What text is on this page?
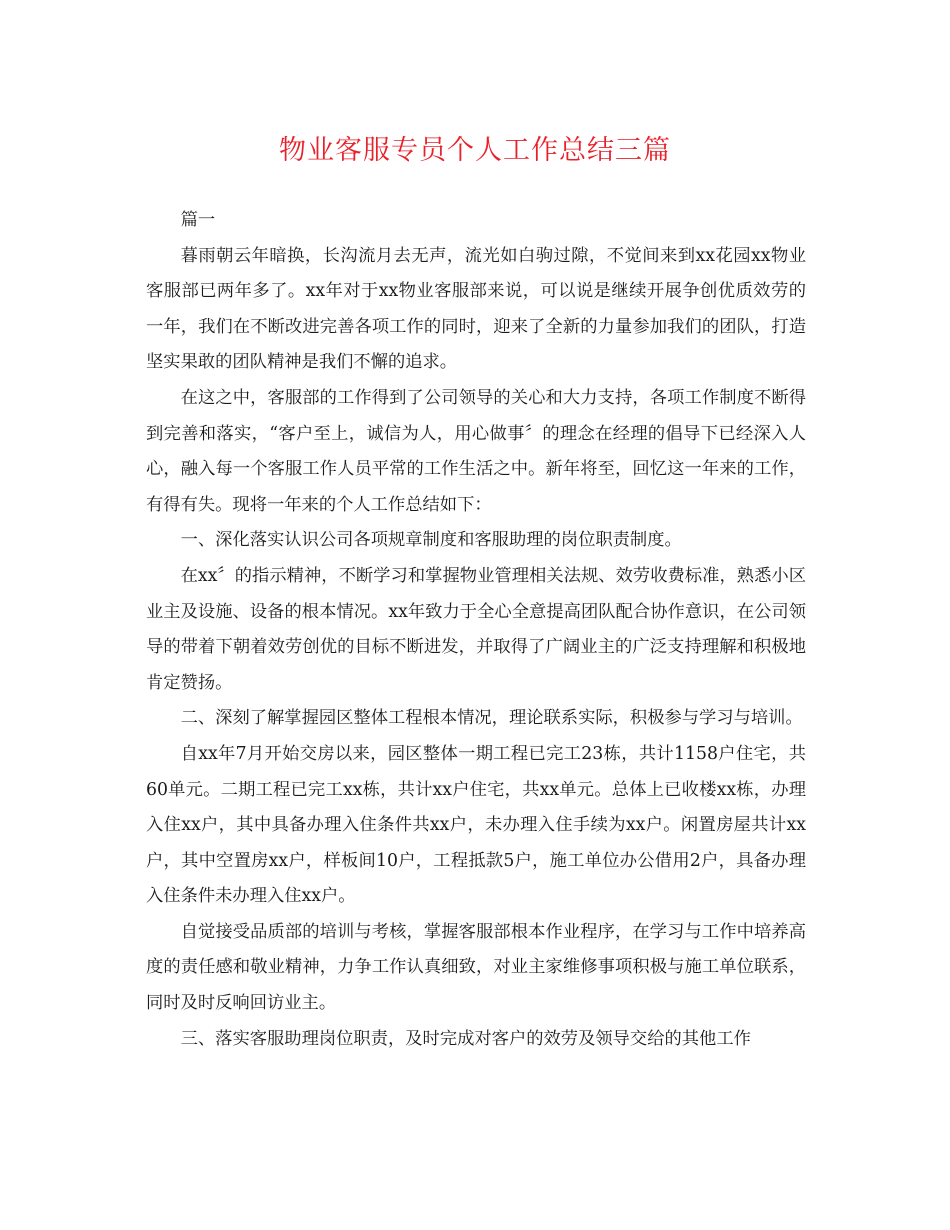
物业客服专员个人工作总结三篇

篇一

暮雨朝云年暗换，长沟流月去无声，流光如白驹过隙，不觉间来到xx花园xx物业客服部已两年多了。xx年对于xx物业客服部来说，可以说是继续开展争创优质效劳的一年，我们在不断改进完善各项工作的同时，迎来了全新的力量参加我们的团队，打造坚实果敢的团队精神是我们不懈的追求。

在这之中，客服部的工作得到了公司领导的关心和大力支持，各项工作制度不断得到完善和落实，“客户至上，诚信为人，用心做事〞的理念在经理的倡导下已经深入人心，融入每一个客服工作人员平常的工作生活之中。新年将至，回忆这一年来的工作，有得有失。现将一年来的个人工作总结如下：

一、深化落实认识公司各项规章制度和客服助理的岗位职责制度。

在xx〞的指示精神，不断学习和掌握物业管理相关法规、效劳收费标准，熟悉小区业主及设施、设备的根本情况。xx年致力于全心全意提高团队配合协作意识，在公司领导的带着下朝着效劳创优的目标不断进发，并取得了广阔业主的广泛支持理解和积极地肯定赞扬。

二、深刻了解掌握园区整体工程根本情况，理论联系实际，积极参与学习与培训。

自xx年7月开始交房以来，园区整体一期工程已完工23栋，共计1158户住宅，共60单元。二期工程已完工xx栋，共计xx户住宅，共xx单元。总体上已收楼xx栋，办理入住xx户，其中具备办理入住条件共xx户，未办理入住手续为xx户。闲置房屋共计xx户，其中空置房xx户，样板间10户，工程抵款5户，施工单位办公借用2户，具备办理入住条件未办理入住xx户。

自觉接受品质部的培训与考核，掌握客服部根本作业程序，在学习与工作中培养高度的责任感和敬业精神，力争工作认真细致，对业主家维修事项积极与施工单位联系，同时及时反响回访业主。

三、落实客服助理岗位职责，及时完成对客户的效劳及领导交给的其他工作
